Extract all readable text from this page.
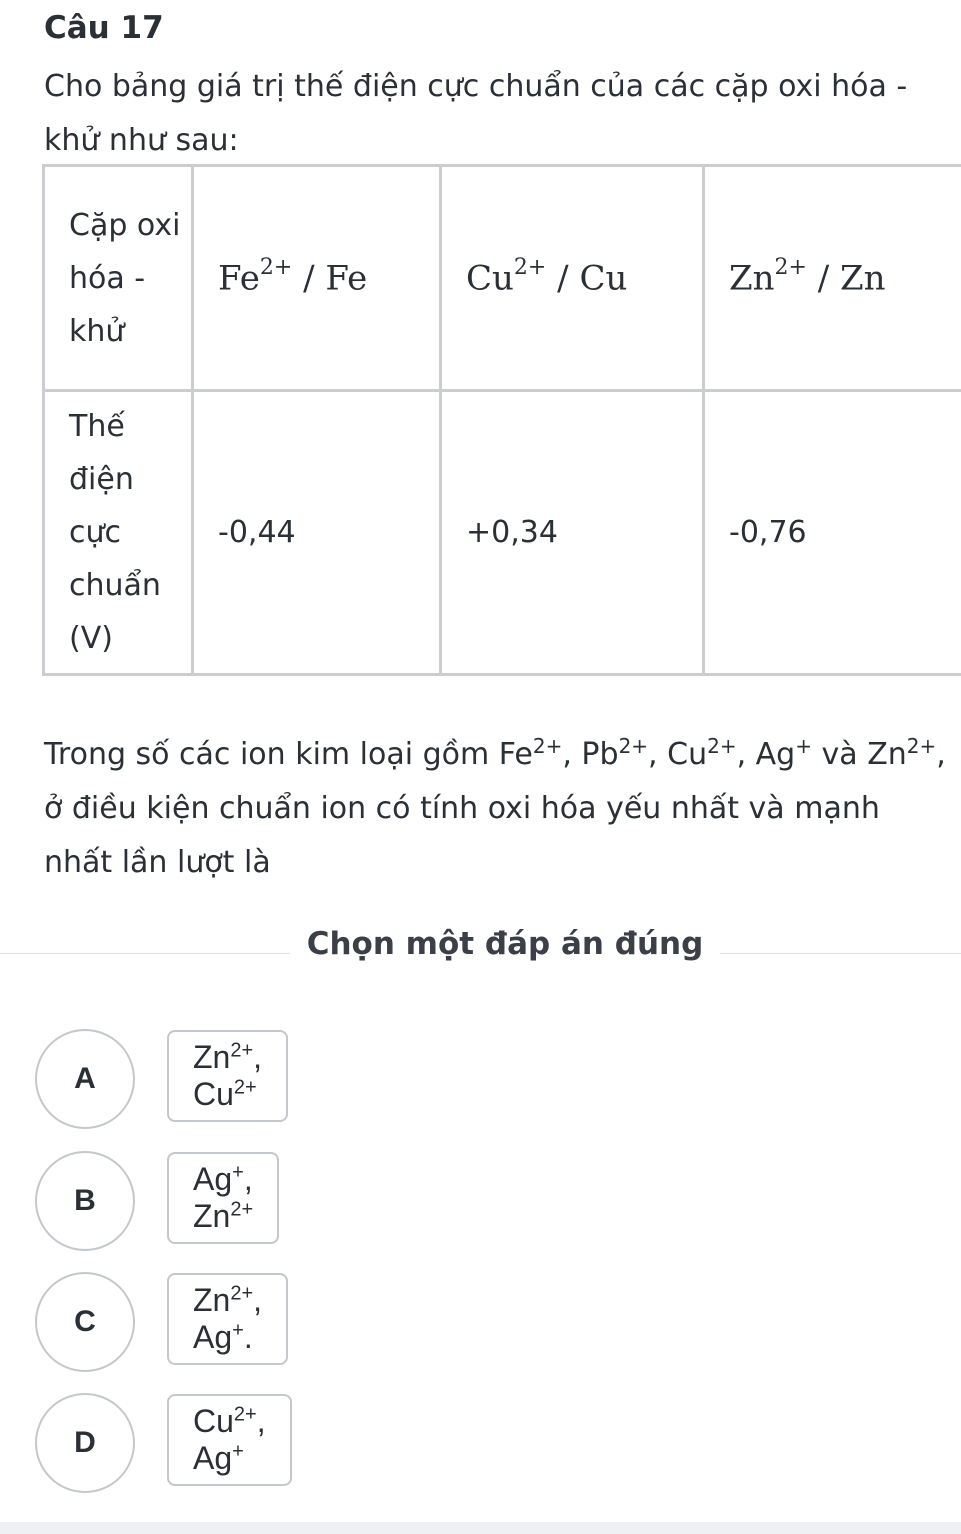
Câu 17

Cho bảng giá trị thế điện cực chuẩn của các cặp oxi hóa - khử như sau:

Cặp oxi hóa - khử	$Fe^{2+}$ / Fe	$Cu^{2+}$ / Cu	$Zn^{2+}$ / Zn
Thế điện cực chuẩn (V)	-0,44	+0,34	-0,76

Trong số các ion kim loại gồm $Fe^{2+}$, $Pb^{2+}$, $Cu^{2+}$, Ag+ và $Zn^{2+}$, ở điều kiện chuẩn ion có tính oxi hóa yếu nhất và mạnh nhất lần lượt là

Chọn một đáp án đúng
A
$Zn^{2+}$, $Cu^{2+}$
B
Ag+, $Zn^{2+}$
C
$Zn^{2+}$, Ag+.
D
$Cu^{2+}$, Ag+
